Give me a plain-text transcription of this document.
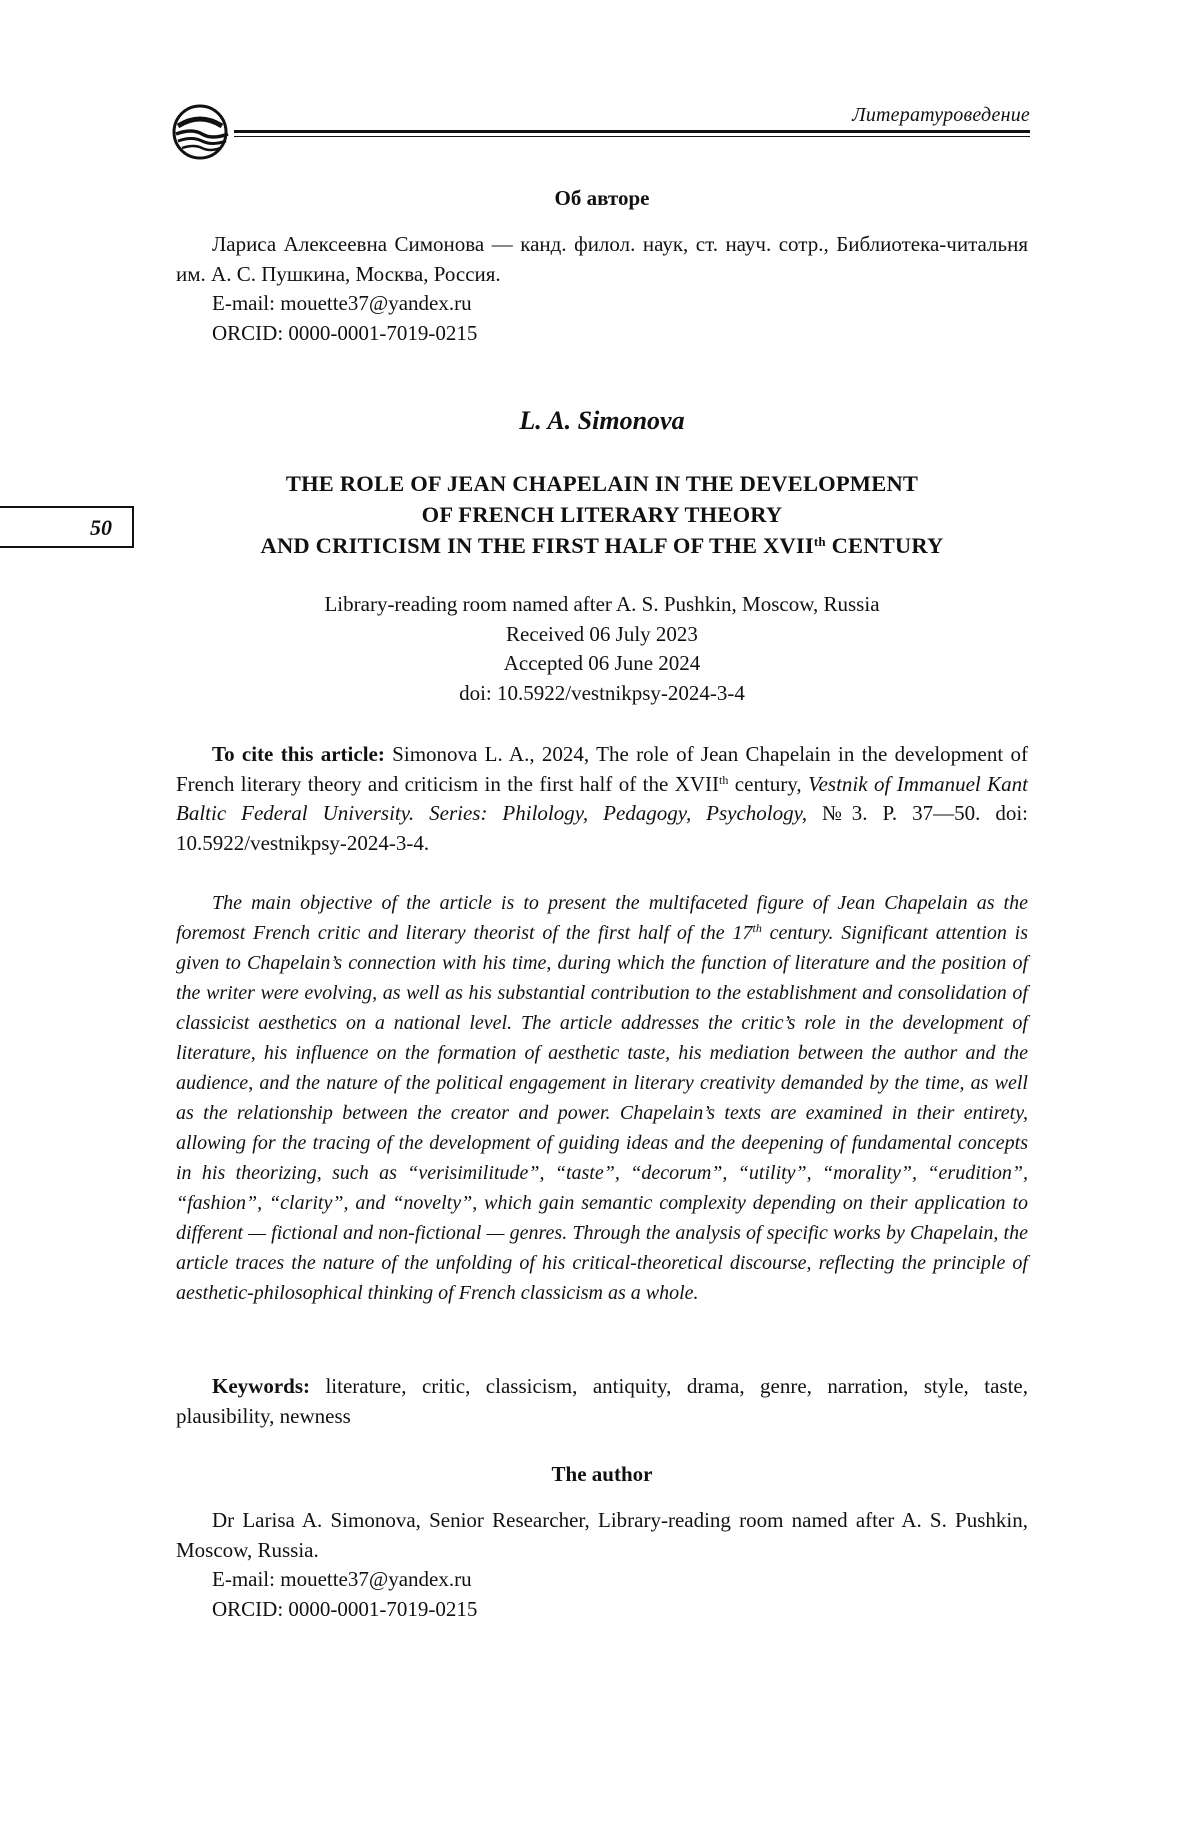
Литературоведение
50
Об авторе

Лариса Алексеевна Симонова — канд. филол. наук, ст. науч. сотр., Библиотека-читальня им. А. С. Пушкина, Москва, Россия.

E-mail: mouette37@yandex.ru

ORCID: 0000-0001-7019-0215

L. A. Simonova
THE ROLE OF JEAN CHAPELAIN IN THE DEVELOPMENT
OF FRENCH LITERARY THEORY
AND CRITICISM IN THE FIRST HALF OF THE XVIIth CENTURY
Library-reading room named after A. S. Pushkin, Moscow, Russia
Received 06 July 2023
Accepted 06 June 2024
doi: 10.5922/vestnikpsy-2024-3-4

To cite this article: Simonova L. A., 2024, The role of Jean Chapelain in the development of French literary theory and criticism in the first half of the XVIIth century, Vestnik of Immanuel Kant Baltic Federal University. Series: Philology, Pedagogy, Psychology, №3. P. 37—50. doi: 10.5922/vestnikpsy-2024-3-4.

The main objective of the article is to present the multifaceted figure of Jean Chapelain as the foremost French critic and literary theorist of the first half of the 17th century. Significant attention is given to Chapelain’s connection with his time, during which the function of literature and the position of the writer were evolving, as well as his substantial contribution to the establishment and consolidation of classicist aesthetics on a national level. The article addresses the critic’s role in the development of literature, his influence on the formation of aesthetic taste, his mediation between the author and the audience, and the nature of the political engagement in literary creativity demanded by the time, as well as the relationship between the creator and power. Chapelain’s texts are examined in their entirety, allowing for the tracing of the development of guiding ideas and the deepening of fundamental concepts in his theorizing, such as “verisimilitude”, “taste”, “decorum”, “utility”, “morality”, “erudition”, “fashion”, “clarity”, and “novelty”, which gain semantic complexity depending on their application to different — fictional and non-fictional — genres. Through the analysis of specific works by Chapelain, the article traces the nature of the unfolding of his critical-theoretical discourse, reflecting the principle of aesthetic-philosophical thinking of French classicism as a whole.

Keywords: literature, critic, classicism, antiquity, drama, genre, narration, style, taste, plausibility, newness

The author

Dr Larisa A. Simonova, Senior Researcher, Library-reading room named after A. S. Pushkin, Moscow, Russia.

E-mail: mouette37@yandex.ru

ORCID: 0000-0001-7019-0215
